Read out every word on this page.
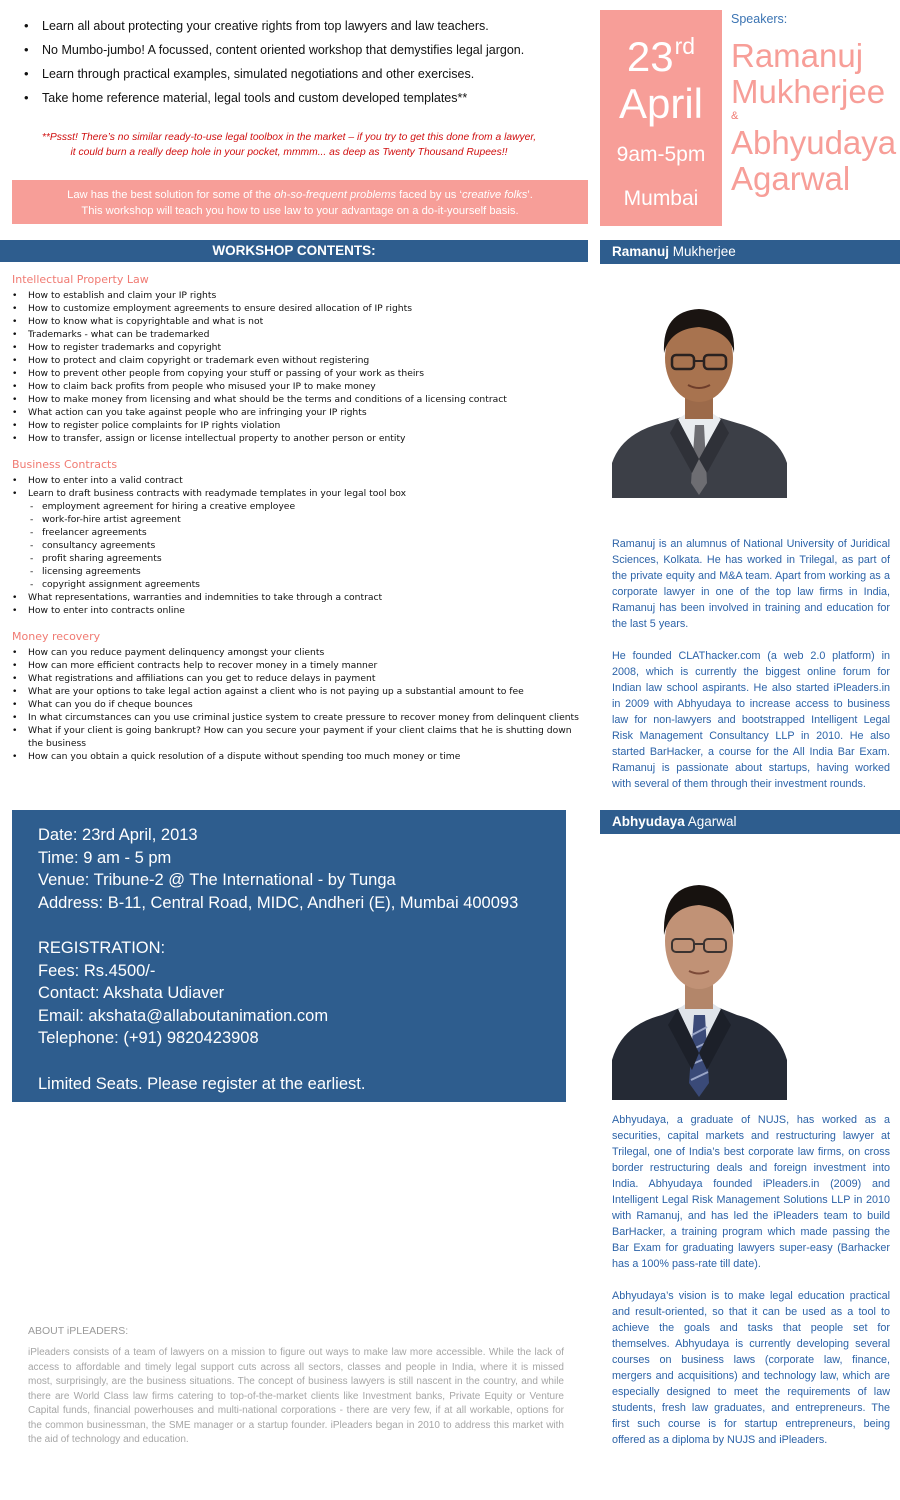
• Learn all about protecting your creative rights from top lawyers and law teachers.
• No Mumbo-jumbo! A focussed, content oriented workshop that demystifies legal jargon.
• Learn through practical examples, simulated negotiations and other exercises.
• Take home reference material, legal tools and custom developed templates**
**Pssst! There’s no similar ready-to-use legal toolbox in the market – if you try to get this done from a lawyer,
it could burn a really deep hole in your pocket, mmmm... as deep as Twenty Thousand Rupees!!
Law has the best solution for some of the oh-so-frequent problems faced by us ‘creative folks’.
This workshop will teach you how to use law to your advantage on a do-it-yourself basis.
23rd
April
9am-5pm
Mumbai
Speakers:
Ramanuj
Mukherjee
&
Abhyudaya
Agarwal
WORKSHOP CONTENTS:	Ramanuj Mukherjee
Abhyudaya Agarwal
Intellectual Property Law
• How to establish and claim your IP rights
• How to customize employment agreements to ensure desired allocation of IP rights
• How to know what is copyrightable and what is not
• Trademarks - what can be trademarked
• How to register trademarks and copyright
• How to protect and claim copyright or trademark even without registering
• How to prevent other people from copying your stuff or passing of your work as theirs
• How to claim back profits from people who misused your IP to make money
• How to make money from licensing and what should be the terms and conditions of a licensing contract
• What action can you take against people who are infringing your IP rights
• How to register police complaints for IP rights violation
• How to transfer, assign or license intellectual property to another person or entity
Business Contracts
• How to enter into a valid contract
• Learn to draft business contracts with readymade templates in your legal tool box
- employment agreement for hiring a creative employee
- work-for-hire artist agreement
- freelancer agreements
- consultancy agreements
- profit sharing agreements
- licensing agreements
- copyright assignment agreements
• What representations, warranties and indemnities to take through a contract
• How to enter into contracts online
Money recovery
• How can you reduce payment delinquency amongst your clients
• How can more efficient contracts help to recover money in a timely manner
• What registrations and affiliations can you get to reduce delays in payment
• What are your options to take legal action against a client who is not paying up a substantial amount to fee
• What can you do if cheque bounces
• In what circumstances can you use criminal justice system to create pressure to recover money from delinquent clients
• What if your client is going bankrupt? How can you secure your payment if your client claims that he is shutting down the business
• How can you obtain a quick resolution of a dispute without spending too much money or time
Date: 23rd April, 2013
Time: 9 am - 5 pm
Venue: Tribune-2 @ The International - by Tunga
Address: B-11, Central Road, MIDC, Andheri (E), Mumbai 400093
REGISTRATION:
Fees: Rs.4500/-
Contact: Akshata Udiaver
Email: akshata@allaboutanimation.com
Telephone: (+91) 9820423908
Limited Seats. Please register at the earliest.
ABOUT iPLEADERS:
iPleaders consists of a team of lawyers on a mission to figure out ways to make law more accessible. While the lack of access to affordable and timely legal support cuts across all sectors, classes and people in India, where it is missed most, surprisingly, are the business situations. The concept of business lawyers is still nascent in the country, and while there are World Class law firms catering to top-of-the-market clients like Investment banks, Private Equity or Venture Capital funds, financial powerhouses and multi-national corporations - there are very few, if at all workable, options for the common businessman, the SME manager or a startup founder. iPleaders began in 2010 to address this market with the aid of technology and education.

Ramanuj is an alumnus of National University of Juridical Sciences, Kolkata. He has worked in Trilegal, as part of the private equity and M&A team. Apart from working as a corporate lawyer in one of the top law firms in India, Ramanuj has been involved in training and education for the last 5 years.

He founded CLAThacker.com (a web 2.0 platform) in 2008, which is currently the biggest online forum for Indian law school aspirants. He also started iPleaders.in in 2009 with Abhyudaya to increase access to business law for non-lawyers and bootstrapped Intelligent Legal Risk Management Consultancy LLP in 2010. He also started BarHacker, a course for the All India Bar Exam. Ramanuj is passionate about startups, having worked with several of them through their investment rounds.

Abhyudaya, a graduate of NUJS, has worked as a securities, capital markets and restructuring lawyer at Trilegal, one of India’s best corporate law firms, on cross border restructuring deals and foreign investment into India. Abhyudaya founded iPleaders.in (2009) and Intelligent Legal Risk Management Solutions LLP in 2010 with Ramanuj, and has led the iPleaders team to build BarHacker, a training program which made passing the Bar Exam for graduating lawyers super-easy (Barhacker has a 100% pass-rate till date).

Abhyudaya’s vision is to make legal education practical and result-oriented, so that it can be used as a tool to achieve the goals and tasks that people set for themselves. Abhyudaya is currently developing several courses on business laws (corporate law, finance, mergers and acquisitions) and technology law, which are especially designed to meet the requirements of law students, fresh law graduates, and entrepreneurs. The first such course is for startup entrepreneurs, being offered as a diploma by NUJS and iPleaders.
